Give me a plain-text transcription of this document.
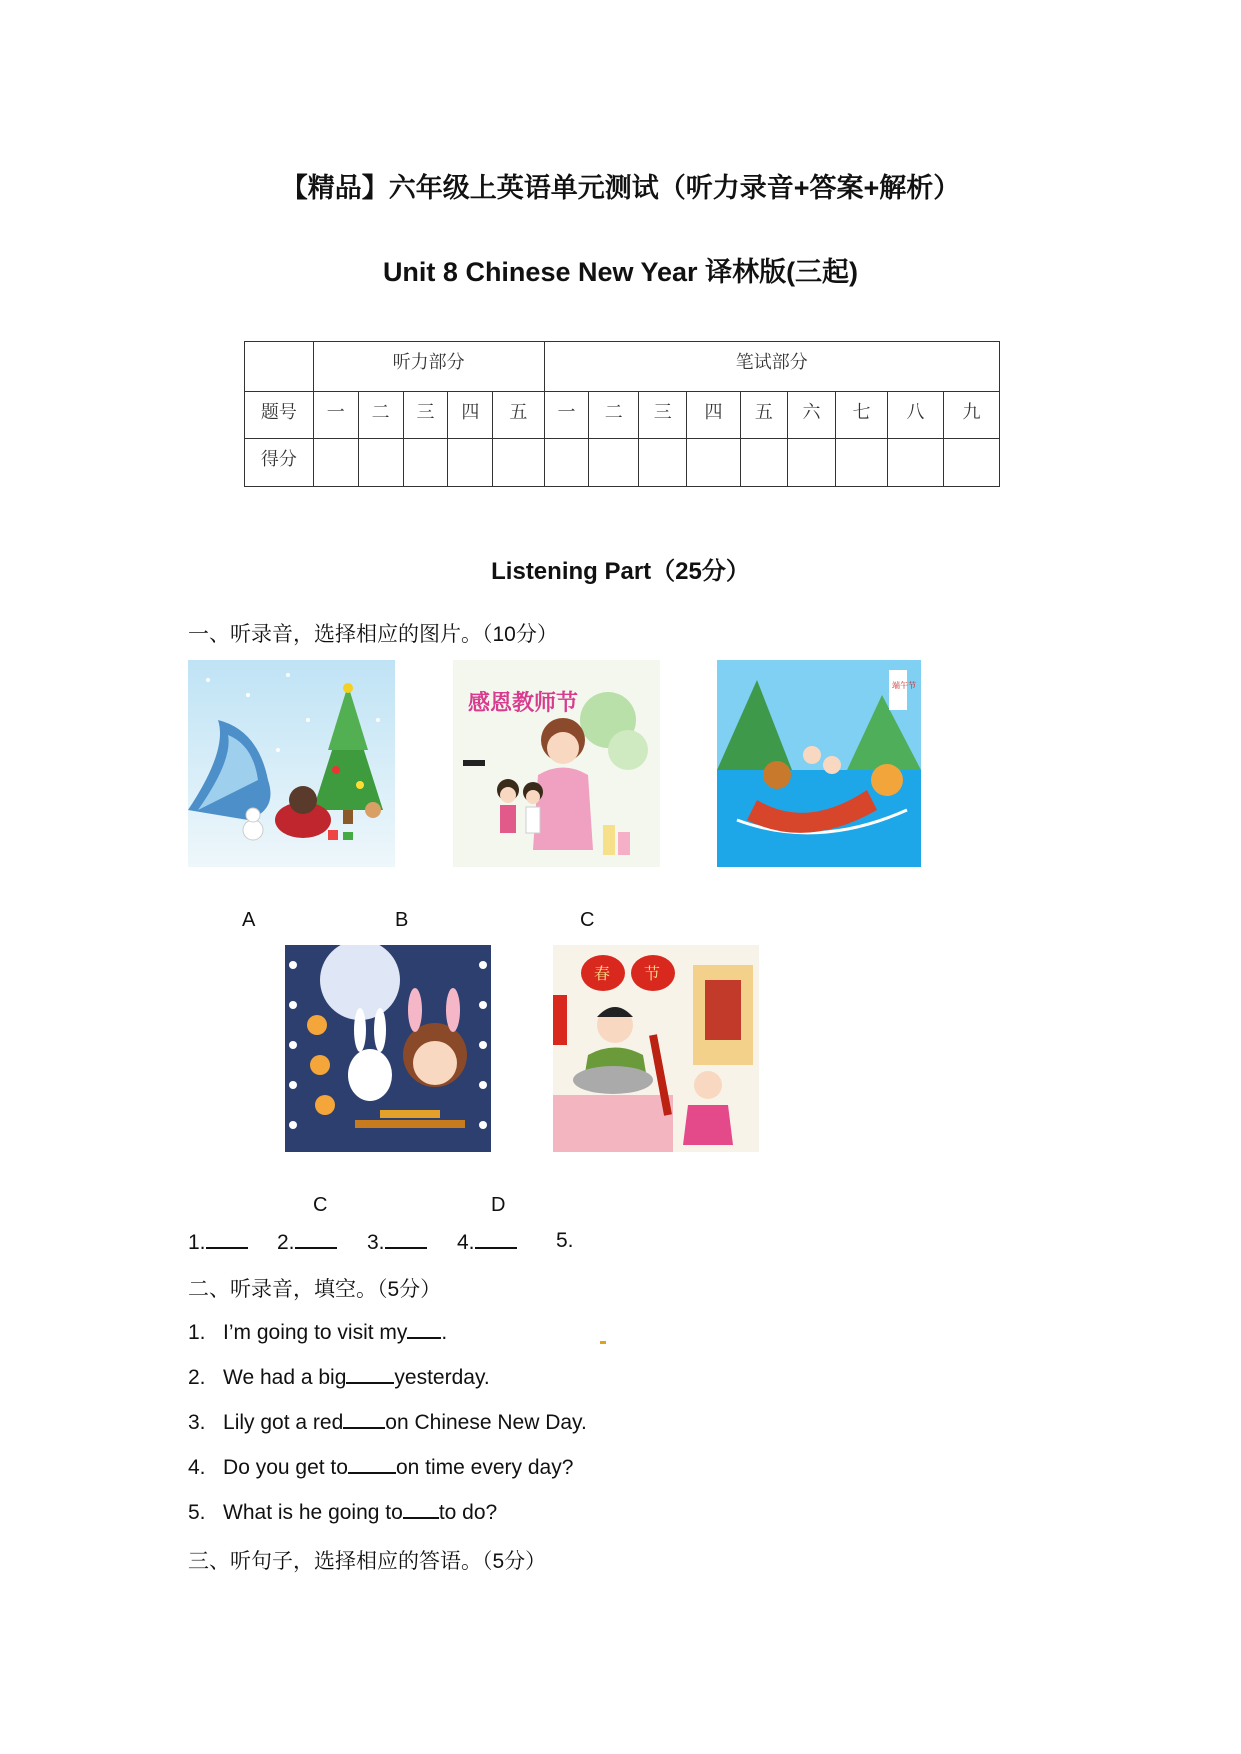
【精品】六年级上英语单元测试（听力录音+答案+解析）
Unit 8 Chinese New Year 译林版(三起)
	听力部分					笔试部分								
题号	一	二	三	四	五	一	二	三	四	五	六	七	八	九
得分														
Listening Part（25分）
一、听录音，选择相应的图片。（10分）
感恩教师节
端午节
A	B	C
春 节
C	D
1.	2.	3.	4.	5.
二、听录音，填空。（5分）
1. I’m going to visit my .
2. We had a big yesterday.
3. Lily got a red on Chinese New Day.
4. Do you get to on time every day?
5. What is he going to to do?
三、听句子，选择相应的答语。（5分）
